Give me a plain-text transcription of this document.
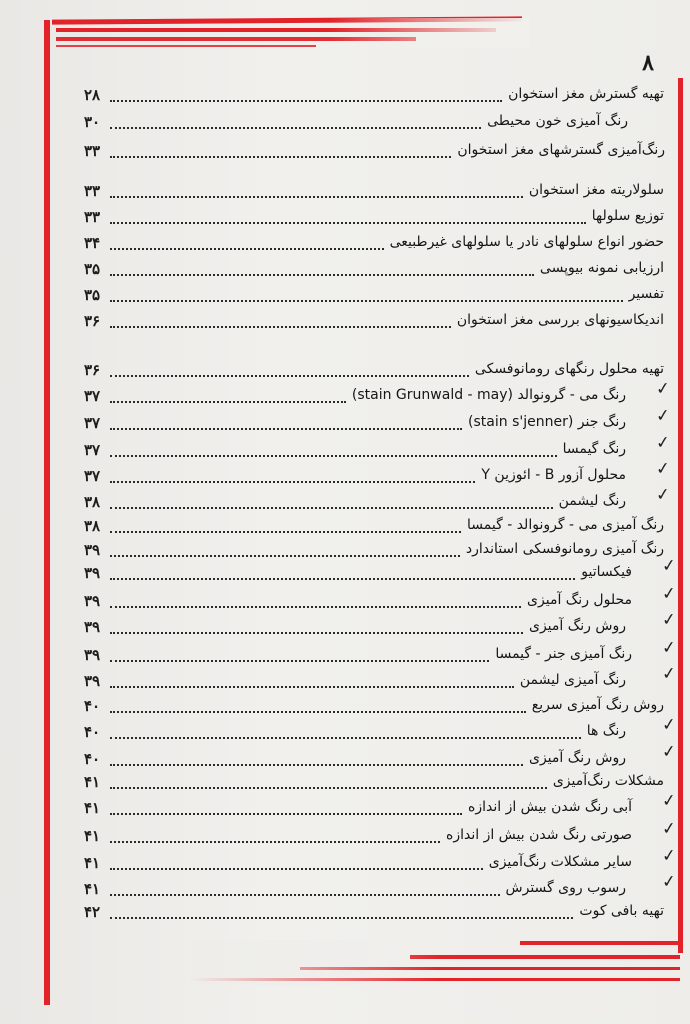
۸
۲۸	تهیه گسترش مغز استخوان
۳۰	رنگ آمیزی خون محیطی
۳۳	رنگ‌آمیزی گسترشهای مغز استخوان
۳۳	سلولاریته مغز استخوان
۳۳	توزیع سلولها
۳۴	حضور انواع سلولهای نادر یا سلولهای غیرطبیعی
۳۵	ارزیابی نمونه بیوپسی
۳۵	تفسیر
۳۶	اندیکاسیونهای بررسی مغز استخوان
۳۶	تهیه محلول رنگهای رومانوفسکی
۳۷	رنگ می - گرونوالد (stain Grunwald - may) ✓
۳۷	رنگ جنر (stain s'jenner) ✓
۳۷	رنگ گیمسا ✓
۳۷	محلول آزور B - ائوزین Y ✓
۳۸	رنگ لیشمن ✓
۳۸	رنگ آمیزی می - گرونوالد - گیمسا
۳۹	رنگ آمیزی رومانوفسکی استاندارد
۳۹	فیکساتیو ✓
۳۹	محلول رنگ آمیزی ✓
۳۹	روش رنگ آمیزی ✓
۳۹	رنگ آمیزی جنر - گیمسا ✓
۳۹	رنگ آمیزی لیشمن ✓
۴۰	روش رنگ آمیزی سریع
۴۰	رنگ ها ✓
۴۰	روش رنگ آمیزی ✓
۴۱	مشکلات رنگ‌آمیزی
۴۱	آبی رنگ شدن بیش از اندازه ✓
۴۱	صورتی رنگ شدن بیش از اندازه ✓
۴۱	سایر مشکلات رنگ‌آمیزی ✓
۴۱	رسوب روی گسترش ✓
۴۲	تهیه بافی کوت
